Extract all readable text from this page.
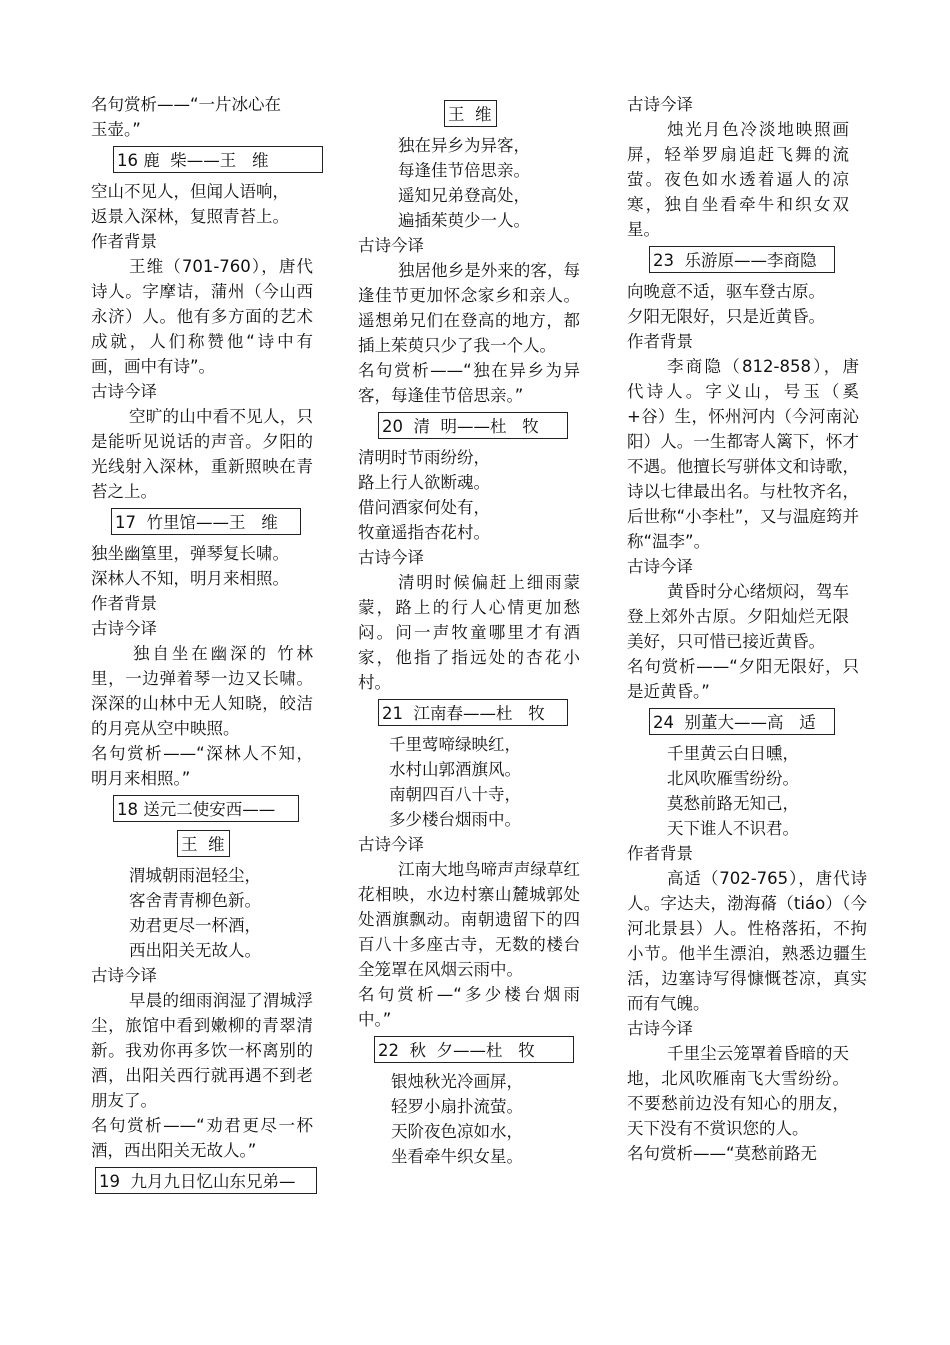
名句赏析——“一片冰心在
玉壶。”
16 鹿  柴——王   维
空山不见人，但闻人语响，
返景入深林，复照青苔上。
作者背景
王维（701-760），唐代诗人。字摩诘，蒲州（今山西永济）人。他有多方面的艺术成就，人们称赞他“诗中有画，画中有诗”。
古诗今译
空旷的山中看不见人，只是能听见说话的声音。夕阳的光线射入深林，重新照映在青苔之上。
17  竹里馆——王   维
独坐幽篁里，弹琴复长啸。
深林人不知，明月来相照。
作者背景
古诗今译
独自坐在幽深的 竹林里，一边弹着琴一边又长啸。深深的山林中无人知晓，皎洁的月亮从空中映照。
名句赏析——“深林人不知，明月来相照。”
18 送元二使安西——
王  维
渭城朝雨浥轻尘，
客舍青青柳色新。
劝君更尽一杯酒，
西出阳关无故人。
古诗今译
早晨的细雨润湿了渭城浮尘，旅馆中看到嫩柳的青翠清新。我劝你再多饮一杯离别的酒，出阳关西行就再遇不到老朋友了。
名句赏析——“劝君更尽一杯酒，西出阳关无故人。”
19  九月九日忆山东兄弟—
王  维
独在异乡为异客，
每逢佳节倍思亲。
遥知兄弟登高处，
遍插茱萸少一人。
古诗今译
独居他乡是外来的客，每逢佳节更加怀念家乡和亲人。遥想弟兄们在登高的地方，都插上茱萸只少了我一个人。
名句赏析——“独在异乡为异客，每逢佳节倍思亲。”
20  清  明——杜   牧
清明时节雨纷纷，
路上行人欲断魂。
借问酒家何处有，
牧童遥指杏花村。
古诗今译
清明时候偏赶上细雨蒙蒙，路上的行人心情更加愁闷。问一声牧童哪里才有酒家，他指了指远处的杏花小村。
21  江南春——杜   牧
千里莺啼绿映红，
水村山郭酒旗风。
南朝四百八十寺，
多少楼台烟雨中。
古诗今译
江南大地鸟啼声声绿草红花相映，水边村寨山麓城郭处处酒旗飘动。南朝遗留下的四百八十多座古寺，无数的楼台全笼罩在风烟云雨中。
名句赏析—“多少楼台烟雨中。”
22  秋  夕——杜   牧
银烛秋光冷画屏，
轻罗小扇扑流萤。
天阶夜色凉如水，
坐看牵牛织女星。
古诗今译
烛光月色冷淡地映照画屏，轻举罗扇追赶飞舞的流萤。夜色如水透着逼人的凉寒，独自坐看牵牛和织女双星。
23  乐游原——李商隐
向晚意不适，驱车登古原。
夕阳无限好，只是近黄昏。
作者背景
李商隐（812-858），唐代诗人。字义山，号玉（奚+谷）生，怀州河内（今河南沁阳）人。一生都寄人篱下，怀才不遇。他擅长写骈体文和诗歌，诗以七律最出名。与杜牧齐名，后世称“小李杜”，又与温庭筠并称“温李”。
古诗今译
黄昏时分心绪烦闷，驾车登上郊外古原。夕阳灿烂无限美好，只可惜已接近黄昏。
名句赏析——“夕阳无限好，只是近黄昏。”
24  别董大——高   适
千里黄云白日曛，
北风吹雁雪纷纷。
莫愁前路无知己，
天下谁人不识君。
作者背景
高适（702-765），唐代诗人。字达夫，渤海蓨（tiáo）（今河北景县）人。性格落拓，不拘小节。他半生漂泊，熟悉边疆生活，边塞诗写得慷慨苍凉，真实而有气魄。
古诗今译
千里尘云笼罩着昏暗的天地，北风吹雁南飞大雪纷纷。不要愁前边没有知心的朋友，天下没有不赏识您的人。
名句赏析——“莫愁前路无
